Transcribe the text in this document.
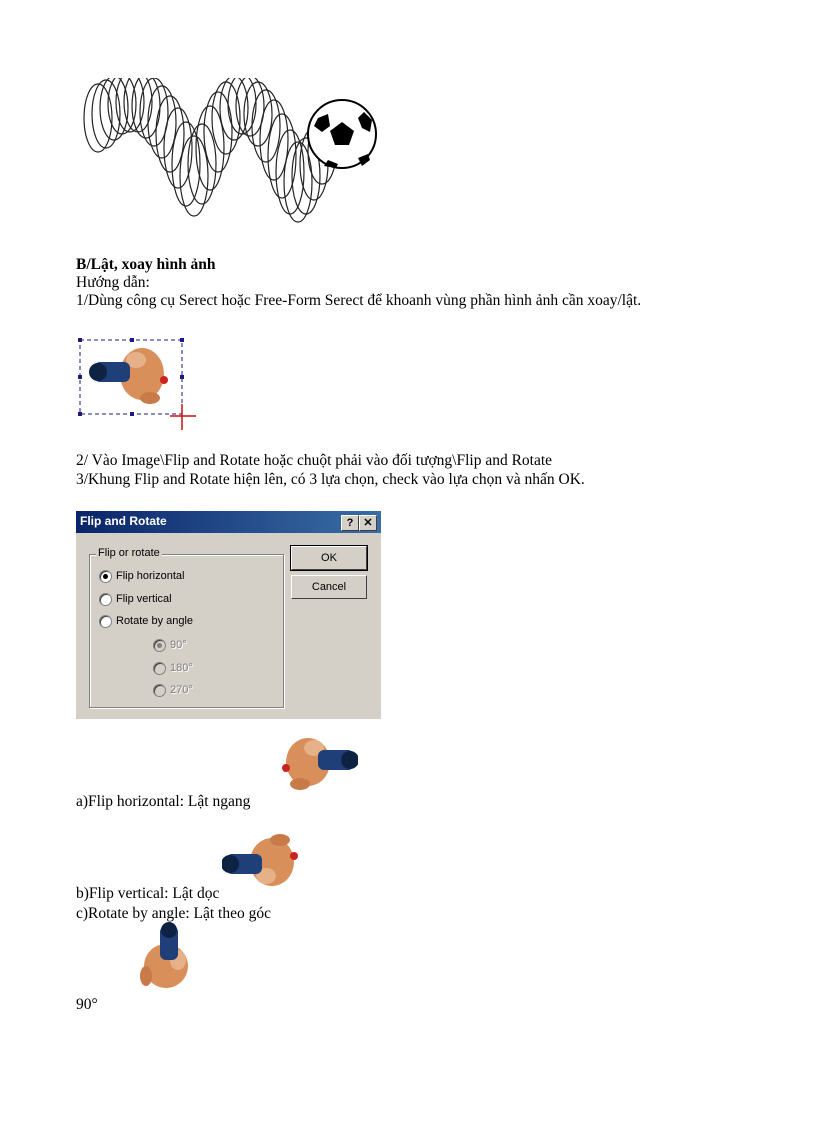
B/Lật, xoay hình ảnh
Hướng dẫn:
1/Dùng công cụ Serect hoặc Free-Form Serect để khoanh vùng phần hình ảnh cần xoay/lật.
2/ Vào Image\Flip and Rotate hoặc chuột phải vào đối tượng\Flip and Rotate
3/Khung Flip and Rotate hiện lên, có 3 lựa chọn, check vào lựa chọn và nhấn OK.
Flip and Rotate	? ✕
Flip or rotate
Flip horizontal
Flip vertical
Rotate by angle
90°
180°
270°
OK
Cancel
a)Flip horizontal: Lật ngang
b)Flip vertical: Lật dọc
c)Rotate by angle: Lật theo góc
90°
